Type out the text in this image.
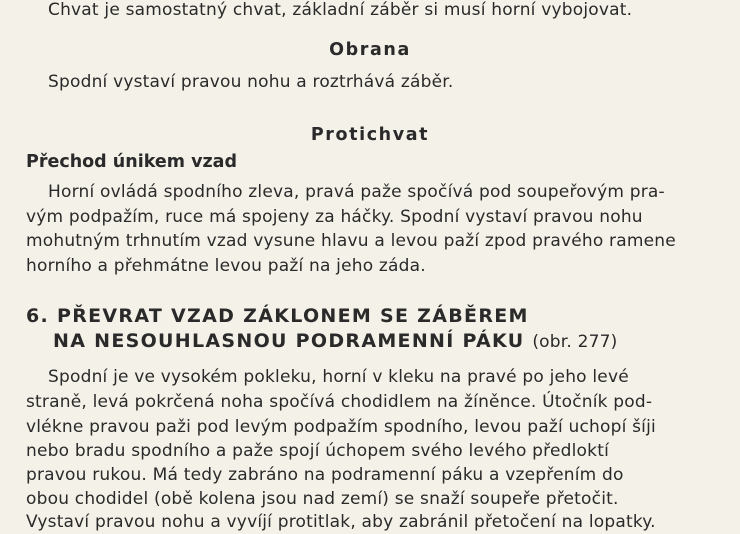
Chvat je samostatný chvat, základní záběr si musí horní vybojovat.
Obrana
Spodní vystaví pravou nohu a roztrhává záběr.
Protichvat
Přechod únikem vzad
Horní ovládá spodního zleva, pravá paže spočívá pod soupeřovým pra-
vým podpažím, ruce má spojeny za háčky. Spodní vystaví pravou nohu
mohutným trhnutím vzad vysune hlavu a levou paží zpod pravého ramene
horního a přehmátne levou paží na jeho záda.
6. PŘEVRAT VZAD ZÁKLONEM SE ZÁBĚREM
NA NESOUHLASNOU PODRAMENNÍ PÁKU (obr. 277)
Spodní je ve vysokém pokleku, horní v kleku na pravé po jeho levé
straně, levá pokrčená noha spočívá chodidlem na žíněnce. Útočník pod-
vlékne pravou paži pod levým podpažím spodního, levou paží uchopí šíji
nebo bradu spodního a paže spojí úchopem svého levého předloktí
pravou rukou. Má tedy zabráno na podramenní páku a vzepřením do
obou chodidel (obě kolena jsou nad zemí) se snaží soupeře přetočit.
Vystaví pravou nohu a vyvíjí protitlak, aby zabránil přetočení na lopatky.
